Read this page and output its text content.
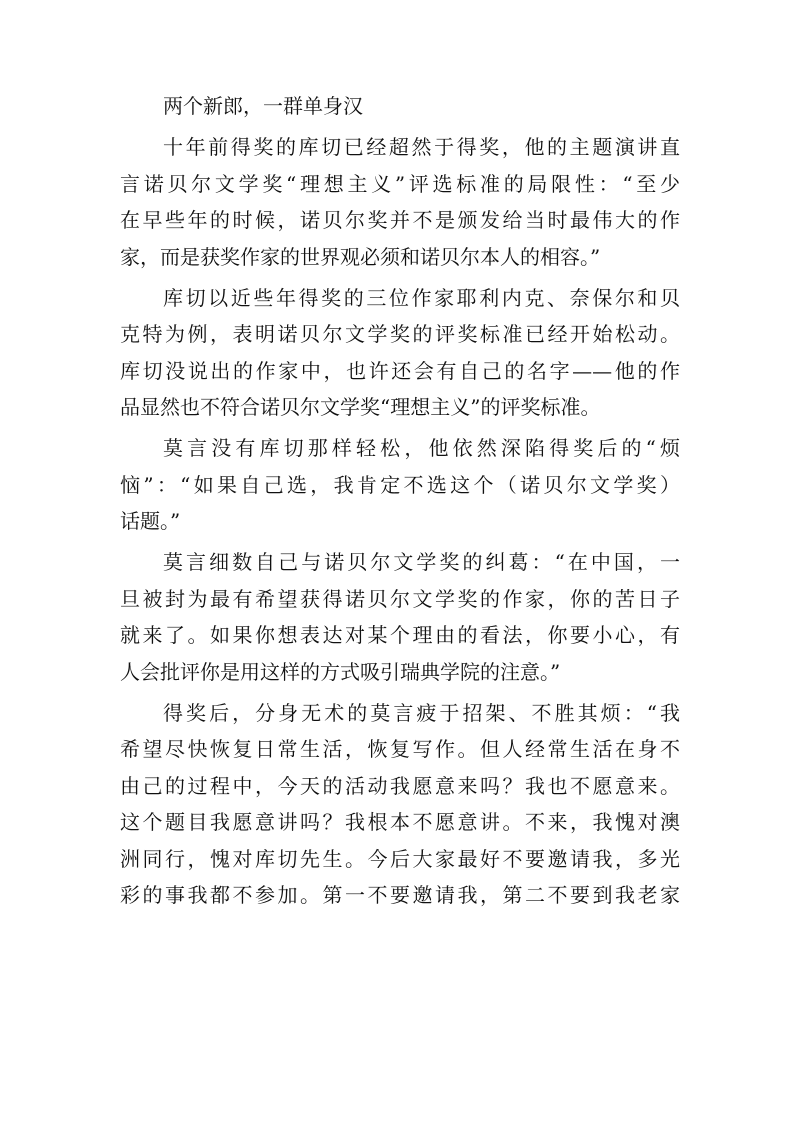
两个新郎，一群单身汉
十年前得奖的库切已经超然于得奖，他的主题演讲直
言诺贝尔文学奖“理想主义”评选标准的局限性：“至少
在早些年的时候，诺贝尔奖并不是颁发给当时最伟大的作
家，而是获奖作家的世界观必须和诺贝尔本人的相容。”
库切以近些年得奖的三位作家耶利内克、奈保尔和贝
克特为例，表明诺贝尔文学奖的评奖标准已经开始松动。
库切没说出的作家中，也许还会有自己的名字——他的作
品显然也不符合诺贝尔文学奖“理想主义”的评奖标准。
莫言没有库切那样轻松，他依然深陷得奖后的“烦
恼”：“如果自己选，我肯定不选这个（诺贝尔文学奖）
话题。”
莫言细数自己与诺贝尔文学奖的纠葛：“在中国，一
旦被封为最有希望获得诺贝尔文学奖的作家，你的苦日子
就来了。如果你想表达对某个理由的看法，你要小心，有
人会批评你是用这样的方式吸引瑞典学院的注意。”
得奖后，分身无术的莫言疲于招架、不胜其烦：“我
希望尽快恢复日常生活，恢复写作。但人经常生活在身不
由己的过程中，今天的活动我愿意来吗？我也不愿意来。
这个题目我愿意讲吗？我根本不愿意讲。不来，我愧对澳
洲同行，愧对库切先生。今后大家最好不要邀请我，多光
彩的事我都不参加。第一不要邀请我，第二不要到我老家
